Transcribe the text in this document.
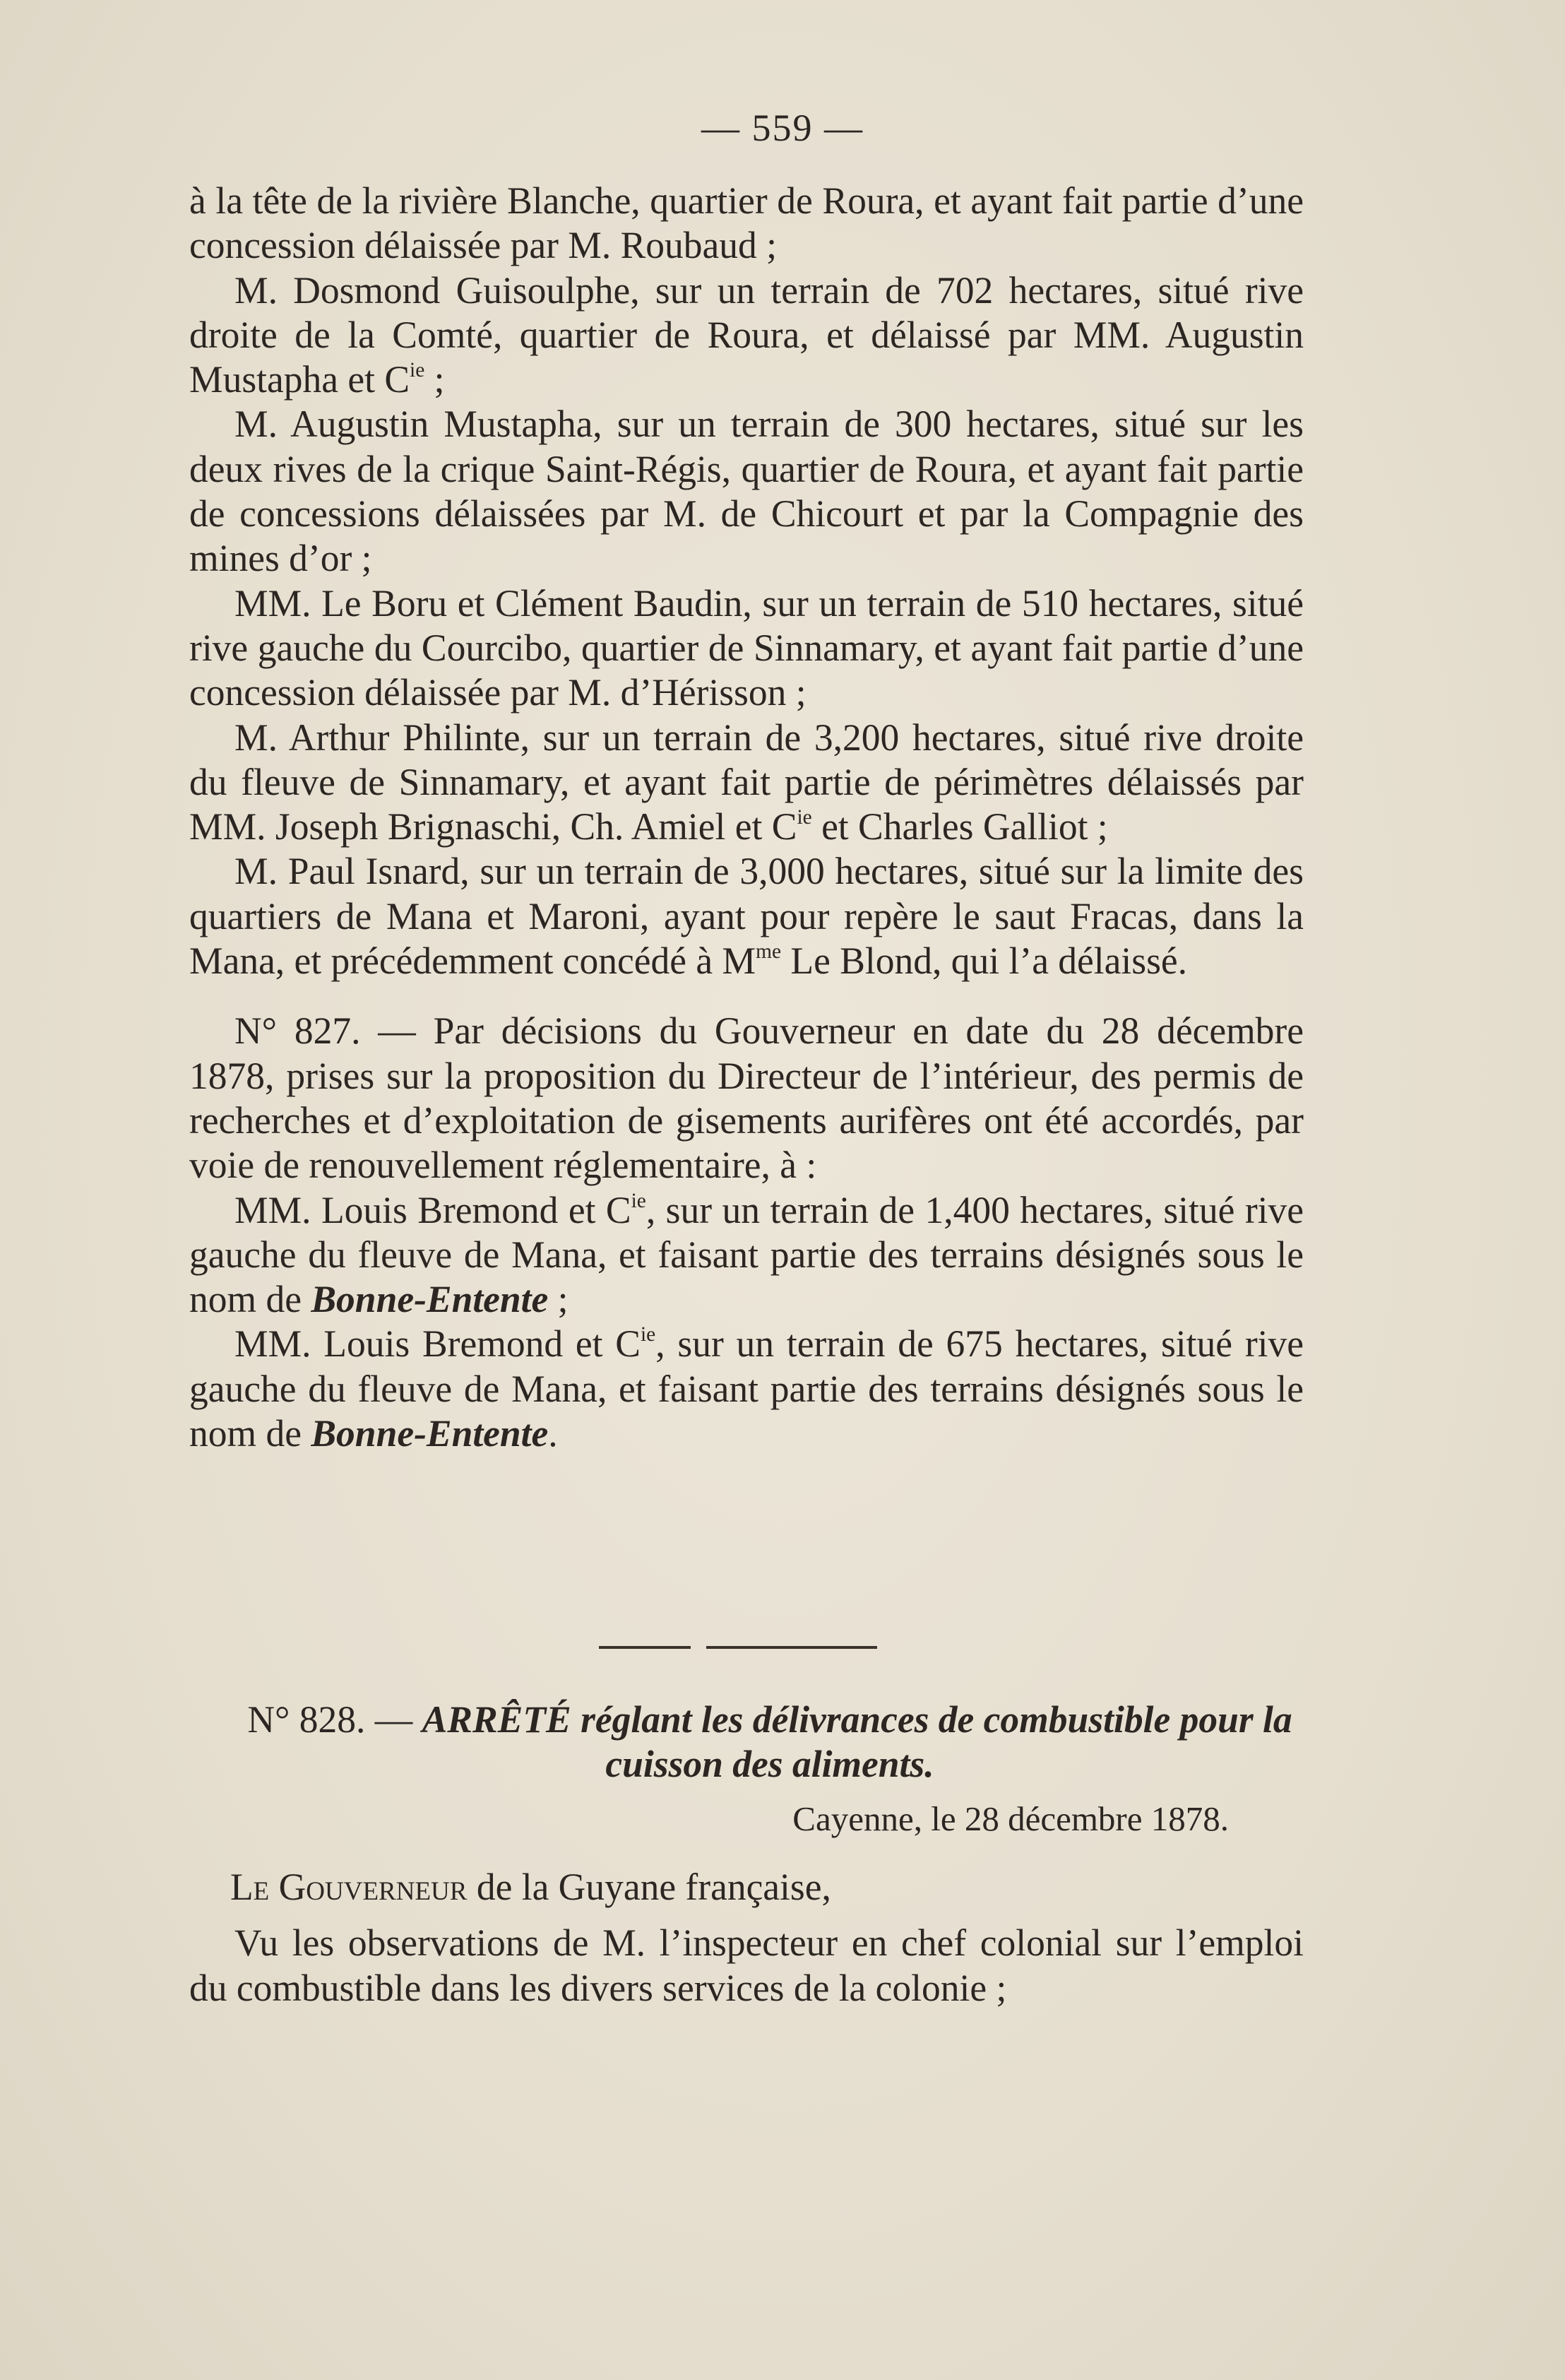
— 559 —

à la tête de la rivière Blanche, quartier de Roura, et ayant fait partie d’une concession délaissée par M. Roubaud ;

M. Dosmond Guisoulphe, sur un terrain de 702 hectares, situé rive droite de la Comté, quartier de Roura, et délaissé par MM. Augustin Mustapha et $C^{ie}$ ;

M. Augustin Mustapha, sur un terrain de 300 hectares, situé sur les deux rives de la crique Saint-Régis, quartier de Roura, et ayant fait partie de concessions délaissées par M. de Chicourt et par la Compagnie des mines d’or ;

MM. Le Boru et Clément Baudin, sur un terrain de 510 hectares, situé rive gauche du Courcibo, quartier de Sinnamary, et ayant fait partie d’une concession délaissée par M. d’Hérisson ;

M. Arthur Philinte, sur un terrain de 3,200 hectares, situé rive droite du fleuve de Sinnamary, et ayant fait partie de périmètres délaissés par MM. Joseph Brignaschi, Ch. Amiel et $C^{ie}$ et Charles Galliot ;

M. Paul Isnard, sur un terrain de 3,000 hectares, situé sur la limite des quartiers de Mana et Maroni, ayant pour repère le saut Fracas, dans la Mana, et précédemment concédé à $M^{me}$ Le Blond, qui l’a délaissé.

N° 827. — Par décisions du Gouverneur en date du 28 décembre 1878, prises sur la proposition du Directeur de l’intérieur, des permis de recherches et d’exploitation de gisements aurifères ont été accordés, par voie de renouvellement réglementaire, à :

MM. Louis Bremond et $C^{ie}$, sur un terrain de 1,400 hectares, situé rive gauche du fleuve de Mana, et faisant partie des terrains désignés sous le nom de Bonne-Entente ;

MM. Louis Bremond et $C^{ie}$, sur un terrain de 675 hectares, situé rive gauche du fleuve de Mana, et faisant partie des terrains désignés sous le nom de Bonne-Entente.

N° 828. — ARRÊTÉ réglant les délivrances de combustible pour la cuisson des aliments.
Cayenne, le 28 décembre 1878.

Le Gouverneur de la Guyane française,

Vu les observations de M. l’inspecteur en chef colonial sur l’emploi du combustible dans les divers services de la colonie ;
